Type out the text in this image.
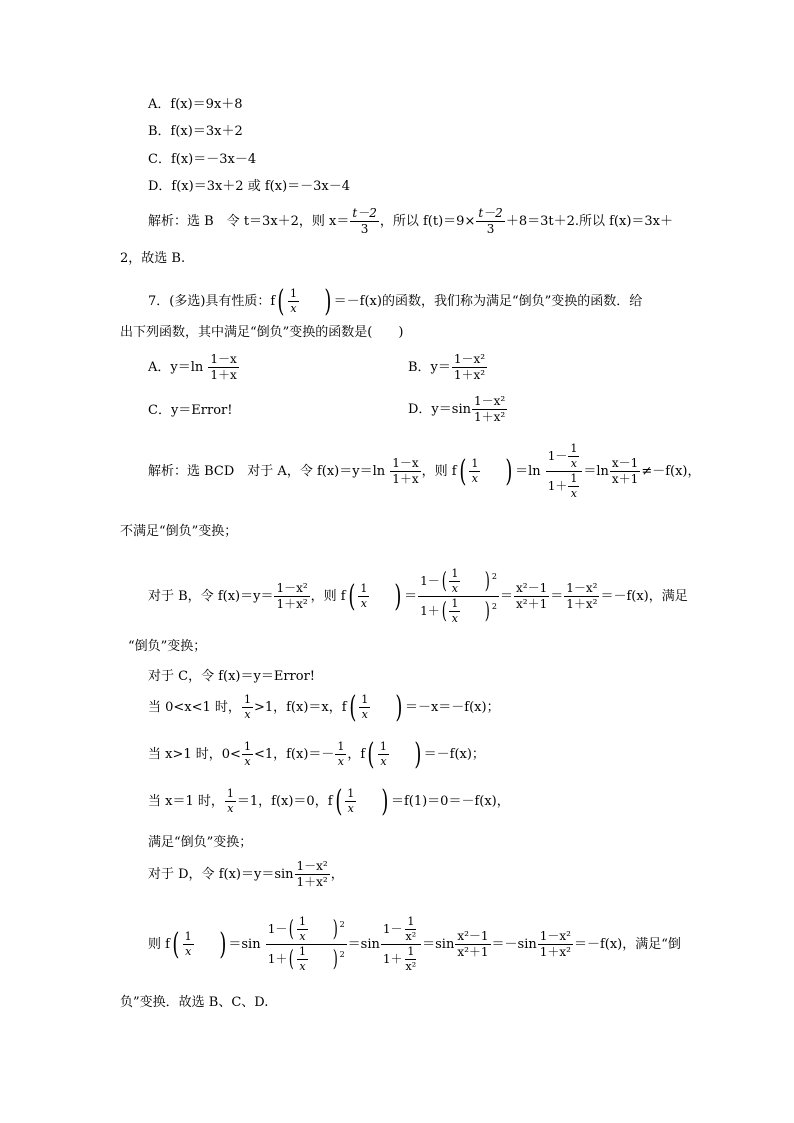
A．f(x)＝9x＋8
B．f(x)＝3x＋2
C．f(x)＝－3x－4
D．f(x)＝3x＋2 或 f(x)＝－3x－4
解析：选 B　令 t＝3x＋2，则 $x= \frac{t-2}{3}$ ，所以 $f(t)=9\times \frac{t-2}{3} +8=3t+2$.所以 f(x)＝3x＋
2，故选 B.
7．(多选)具有性质：$f( \frac{1}{x}$ ) ＝－f(x)的函数，我们称为满足“倒负”变换的函数．给
出下列函数，其中满足“倒负”变换的函数是(　　)
A．$y=\ln \frac{1-x}{1+x}$	B．$y= \frac{\text{1－x²}}{\text{1＋x²}}$
C．y＝Error!	D．$y=\sin \frac{\text{1－x²}}{\text{1＋x²}}$
解析：选 BCD　对于 A，令 $f(x)=y=\ln \frac{1-x}{1+x}$ ，则 $f( \frac{1}{x}$ ) $=\ln \frac{1- \frac{1}{x}}{1+ \frac{1}{x}} =\ln \frac{x-1}{x+1} \ne-f(x)$，
不满足“倒负”变换；
对于 B，令 $f(x)=y= \frac{\text{1－x²}}{\text{1＋x²}}$ ，则 $f( \frac{1}{x}$ ) ＝ $\frac{1-( \frac{1}{x} ) ^2}{1+( \frac{1}{x} ) ^2} = \frac{\text{x²－1}}{\text{x²＋1}} = \frac{\text{1－x²}}{\text{1＋x²}} =-f(x)$，满足
“倒负”变换；
对于 C，令 f(x)＝y＝Error!
当 0<x<1 时， $\frac{1}{x} >1$，f(x)＝x，$f( \frac{1}{x}$ ) ＝－x＝－f(x)；
当 x>1 时，$0< \frac{1}{x} <1$，$f(x)=- \frac{1}{x}$ ，$f( \frac{1}{x}$ ) ＝－f(x)；
当 x＝1 时， $\frac{1}{x} =1$，f(x)＝0，$f( \frac{1}{x}$ ) ＝f(1)＝0＝－f(x)，
满足“倒负”变换；
对于 D，令 $f(x)=y=\sin \frac{\text{1－x²}}{\text{1＋x²}}$ ，
则 $f( \frac{1}{x}$ ) $=\sin \frac{1-( \frac{1}{x} ) ^2}{1+( \frac{1}{x} ) ^2} =\sin \frac{1- \frac{1}{\text{x²}}}{1+ \frac{1}{\text{x²}}} =\sin \frac{\text{x²－1}}{\text{x²＋1}} =-\sin \frac{\text{1－x²}}{\text{1＋x²}} =-f(x)$，满足“倒
负”变换．故选 B、C、D.
